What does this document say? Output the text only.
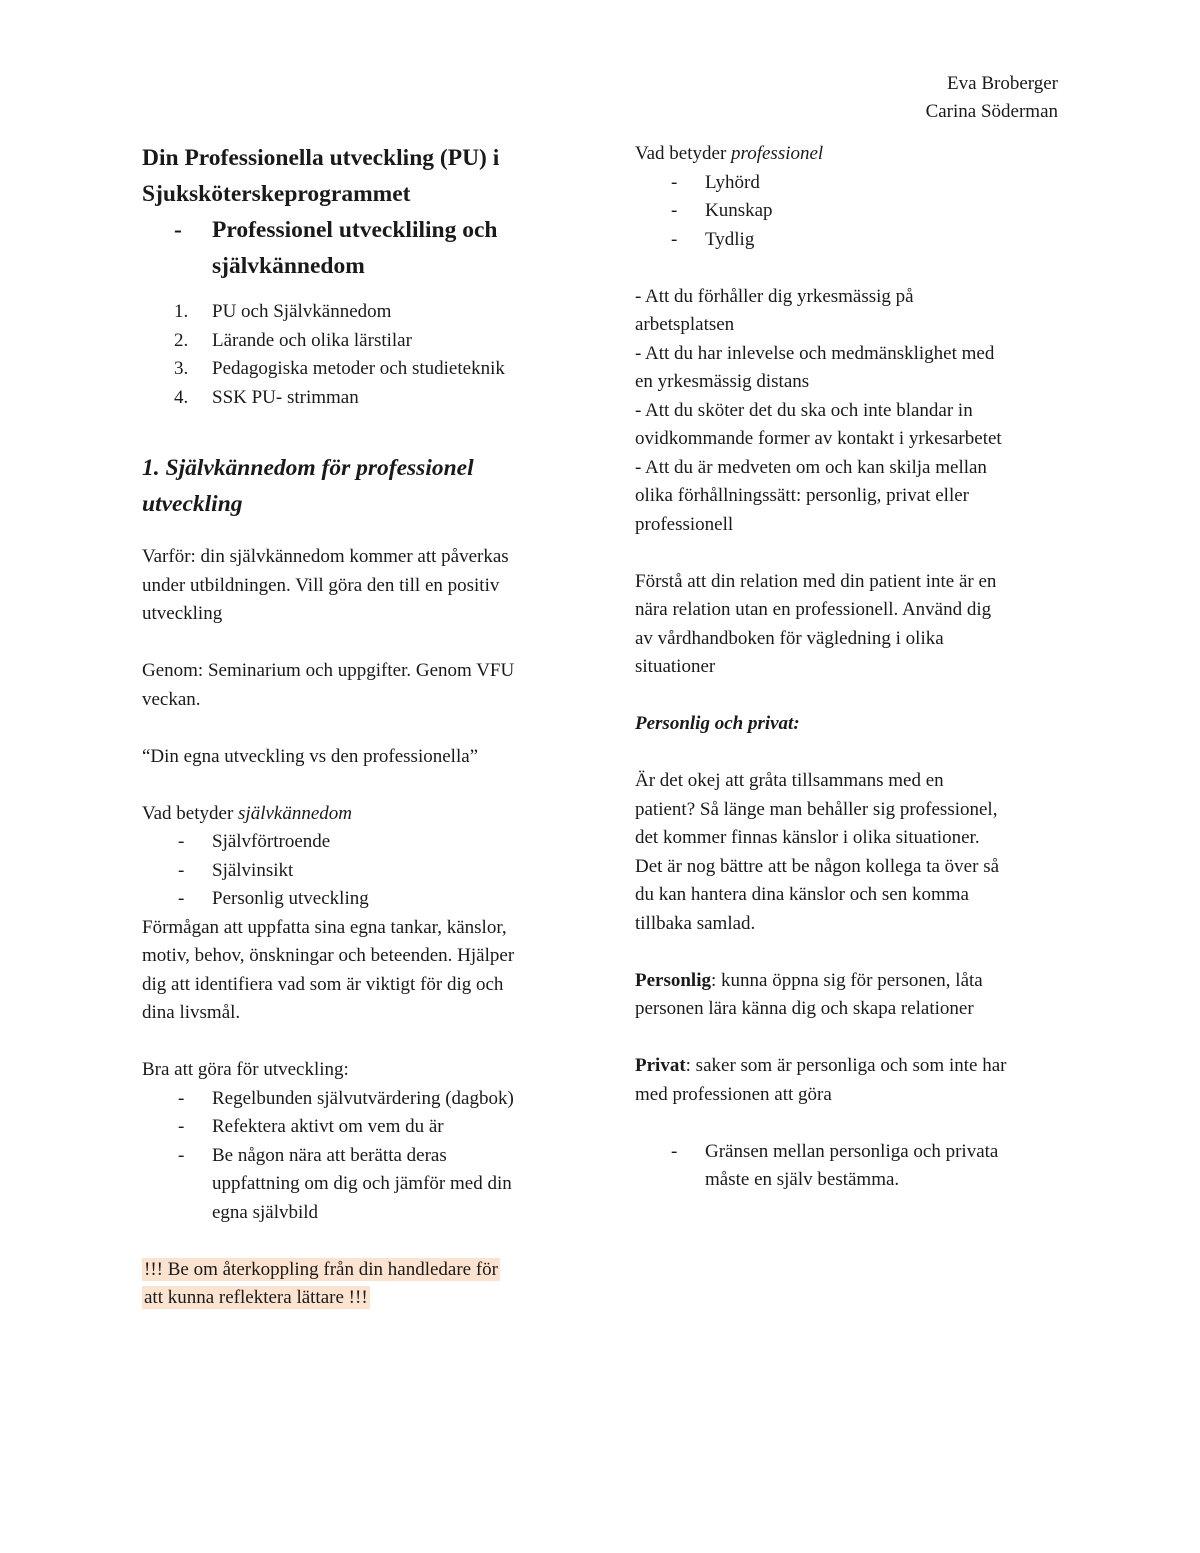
Eva Broberger
Carina Söderman
Din Professionella utveckling (PU) i
Sjuksköterskeprogrammet
- Professionel utveckliling och
självkännedom
1. PU och Självkännedom
2. Lärande och olika lärstilar
3. Pedagogiska metoder och studieteknik
4. SSK PU- strimman
1. Självkännedom för professionel
utveckling

Varför: din självkännedom kommer att påverkas
under utbildningen. Vill göra den till en positiv
utveckling

Genom: Seminarium och uppgifter. Genom VFU
veckan.

“Din egna utveckling vs den professionella”

Vad betyder självkännedom

- Självförtroende
- Självinsikt
- Personlig utveckling

Förmågan att uppfatta sina egna tankar, känslor,
motiv, behov, önskningar och beteenden. Hjälper
dig att identifiera vad som är viktigt för dig och
dina livsmål.

Bra att göra för utveckling:

- Regelbunden självutvärdering (dagbok)
- Refektera aktivt om vem du är
- Be någon nära att berätta deras
uppfattning om dig och jämför med din
egna självbild

!!! Be om återkoppling från din handledare för
att kunna reflektera lättare !!!

Vad betyder professionel

- Lyhörd
- Kunskap
- Tydlig

- Att du förhåller dig yrkesmässig på
arbetsplatsen
- Att du har inlevelse och medmänsklighet med
en yrkesmässig distans
- Att du sköter det du ska och inte blandar in
ovidkommande former av kontakt i yrkesarbetet
- Att du är medveten om och kan skilja mellan
olika förhållningssätt: personlig, privat eller
professionell

Förstå att din relation med din patient inte är en
nära relation utan en professionell. Använd dig
av vårdhandboken för vägledning i olika
situationer

Personlig och privat:

Är det okej att gråta tillsammans med en
patient? Så länge man behåller sig professionel,
det kommer finnas känslor i olika situationer.
Det är nog bättre att be någon kollega ta över så
du kan hantera dina känslor och sen komma
tillbaka samlad.

Personlig: kunna öppna sig för personen, låta
personen lära känna dig och skapa relationer

Privat: saker som är personliga och som inte har
med professionen att göra

- Gränsen mellan personliga och privata
måste en själv bestämma.
